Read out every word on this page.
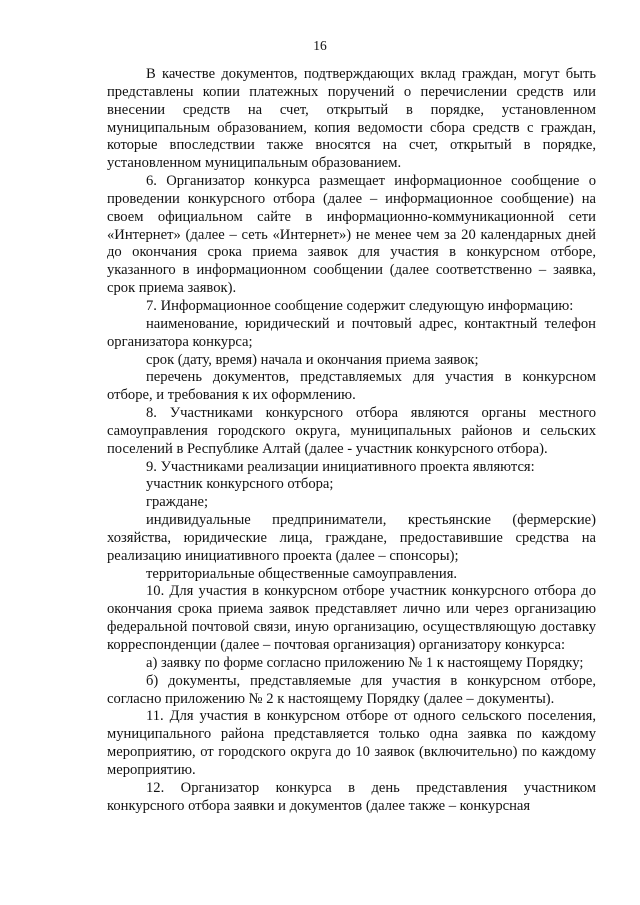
16

В качестве документов, подтверждающих вклад граждан, могут быть представлены копии платежных поручений о перечислении средств или внесении средств на счет, открытый в порядке, установленном муниципальным образованием, копия ведомости сбора средств с граждан, которые впоследствии также вносятся на счет, открытый в порядке, установленном муниципальным образованием.

6. Организатор конкурса размещает информационное сообщение о проведении конкурсного отбора (далее – информационное сообщение) на своем официальном сайте в информационно-коммуникационной сети «Интернет» (далее – сеть «Интернет») не менее чем за 20 календарных дней до окончания срока приема заявок для участия в конкурсном отборе, указанного в информационном сообщении (далее соответственно – заявка, срок приема заявок).

7. Информационное сообщение содержит следующую информацию:

наименование, юридический и почтовый адрес, контактный телефон организатора конкурса;

срок (дату, время) начала и окончания приема заявок;

перечень документов, представляемых для участия в конкурсном отборе, и требования к их оформлению.

8. Участниками конкурсного отбора являются органы местного самоуправления городского округа, муниципальных районов и сельских поселений в Республике Алтай (далее - участник конкурсного отбора).

9. Участниками реализации инициативного проекта являются:

участник конкурсного отбора;

граждане;

индивидуальные предприниматели, крестьянские (фермерские) хозяйства, юридические лица, граждане, предоставившие средства на реализацию инициативного проекта (далее – спонсоры);

территориальные общественные самоуправления.

10. Для участия в конкурсном отборе участник конкурсного отбора до окончания срока приема заявок представляет лично или через организацию федеральной почтовой связи, иную организацию, осуществляющую доставку корреспонденции (далее – почтовая организация) организатору конкурса:

а) заявку по форме согласно приложению № 1 к настоящему Порядку;

б) документы, представляемые для участия в конкурсном отборе, согласно приложению № 2 к настоящему Порядку (далее – документы).

11. Для участия в конкурсном отборе от одного сельского поселения, муниципального района представляется только одна заявка по каждому мероприятию, от городского округа до 10 заявок (включительно) по каждому мероприятию.

12. Организатор конкурса в день представления участником конкурсного отбора заявки и документов (далее также – конкурсная
